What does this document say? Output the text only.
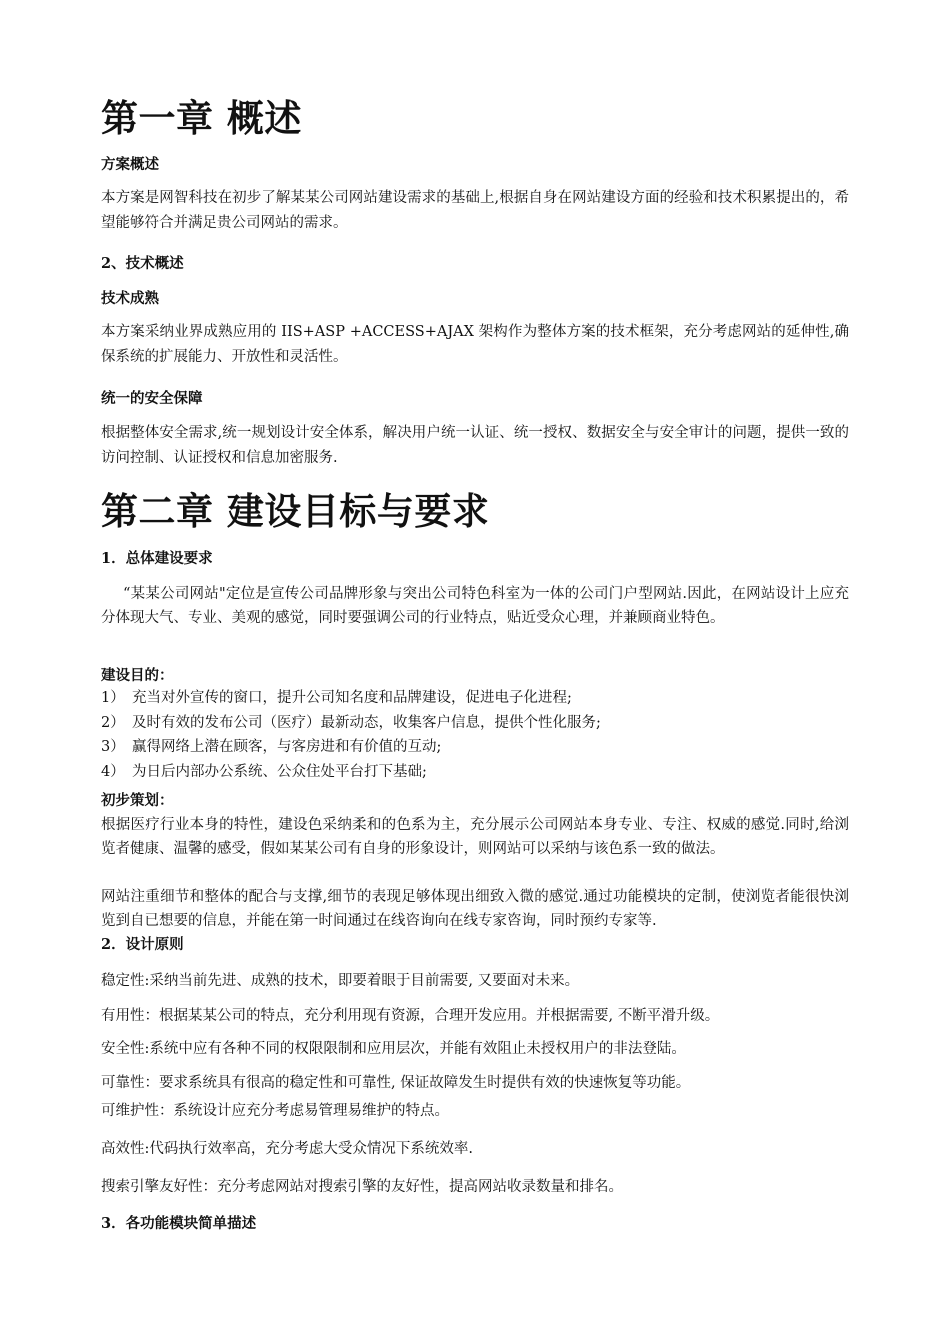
第一章 概述
方案概述

本方案是网智科技在初步了解某某公司网站建设需求的基础上,根据自身在网站建设方面的经验和技术积累提出的，希望能够符合并满足贵公司网站的需求。

2、技术概述
技术成熟

本方案采纳业界成熟应用的 IIS+ASP +ACCESS+AJAX 架构作为整体方案的技术框架，充分考虑网站的延伸性,确保系统的扩展能力、开放性和灵活性。

统一的安全保障

根据整体安全需求,统一规划设计安全体系，解决用户统一认证、统一授权、数据安全与安全审计的问题，提供一致的访问控制、认证授权和信息加密服务.

第二章 建设目标与要求
1．总体建设要求

“某某公司网站"定位是宣传公司品牌形象与突出公司特色科室为一体的公司门户型网站.因此，在网站设计上应充分体现大气、专业、美观的感觉，同时要强调公司的行业特点，贴近受众心理，并兼顾商业特色。

建设目的：
1） 充当对外宣传的窗口，提升公司知名度和品牌建设，促进电子化进程;
2） 及时有效的发布公司（医疗）最新动态，收集客户信息，提供个性化服务;
3） 赢得网络上潜在顾客，与客房进和有价值的互动;
4） 为日后内部办公系统、公众住处平台打下基础;
初步策划：

根据医疗行业本身的特性，建设色采纳柔和的色系为主，充分展示公司网站本身专业、专注、权威的感觉.同时,给浏览者健康、温馨的感受，假如某某公司有自身的形象设计，则网站可以采纳与该色系一致的做法。

网站注重细节和整体的配合与支撑,细节的表现足够体现出细致入微的感觉.通过功能模块的定制，使浏览者能很快浏览到自已想要的信息，并能在第一时间通过在线咨询向在线专家咨询，同时预约专家等.

2．设计原则
稳定性:采纳当前先进、成熟的技术，即要着眼于目前需要, 又要面对未来。
有用性：根据某某公司的特点，充分利用现有资源，合理开发应用。并根据需要, 不断平滑升级。
安全性:系统中应有各种不同的权限限制和应用层次，并能有效阻止未授权用户的非法登陆。
可靠性：要求系统具有很高的稳定性和可靠性, 保证故障发生时提供有效的快速恢复等功能。
可维护性：系统设计应充分考虑易管理易维护的特点。
高效性:代码执行效率高，充分考虑大受众情况下系统效率.
搜索引擎友好性：充分考虑网站对搜索引擎的友好性，提高网站收录数量和排名。
3．各功能模块简单描述
